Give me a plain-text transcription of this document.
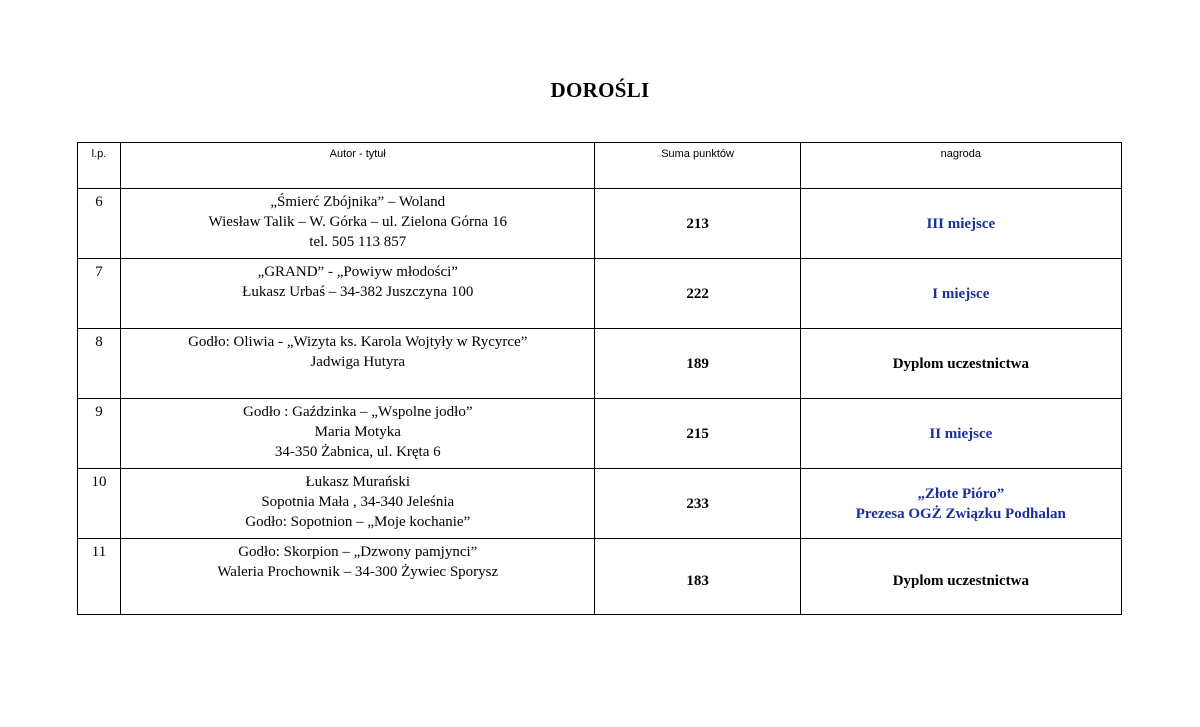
DOROŚLI
l.p.	Autor - tytuł	Suma punktów	nagroda
6	„Śmierć Zbójnika” – Woland
Wiesław Talik – W. Górka – ul. Zielona Górna 16
tel. 505 113 857	213	III miejsce

7	„GRAND” - „Powiyw młodości”
Łukasz Urbaś – 34-382 Juszczyna 100	222	I miejsce

8	Godło: Oliwia - „Wizyta ks. Karola Wojtyły w Rycyrce”
Jadwiga Hutyra	189	Dyplom uczestnictwa

9	Godło : Gaździnka – „Wspolne jodło”
Maria Motyka
34-350 Żabnica, ul. Kręta 6	215	II miejsce

10	Łukasz Murański
Sopotnia Mała , 34-340 Jeleśnia
Godło: Sopotnion – „Moje kochanie”	233	„Złote Pióro”
Prezesa OGŻ Związku Podhalan

11	Godło: Skorpion – „Dzwony pamjynci”
Waleria Prochownik – 34-300 Żywiec Sporysz	183	Dyplom uczestnictwa
